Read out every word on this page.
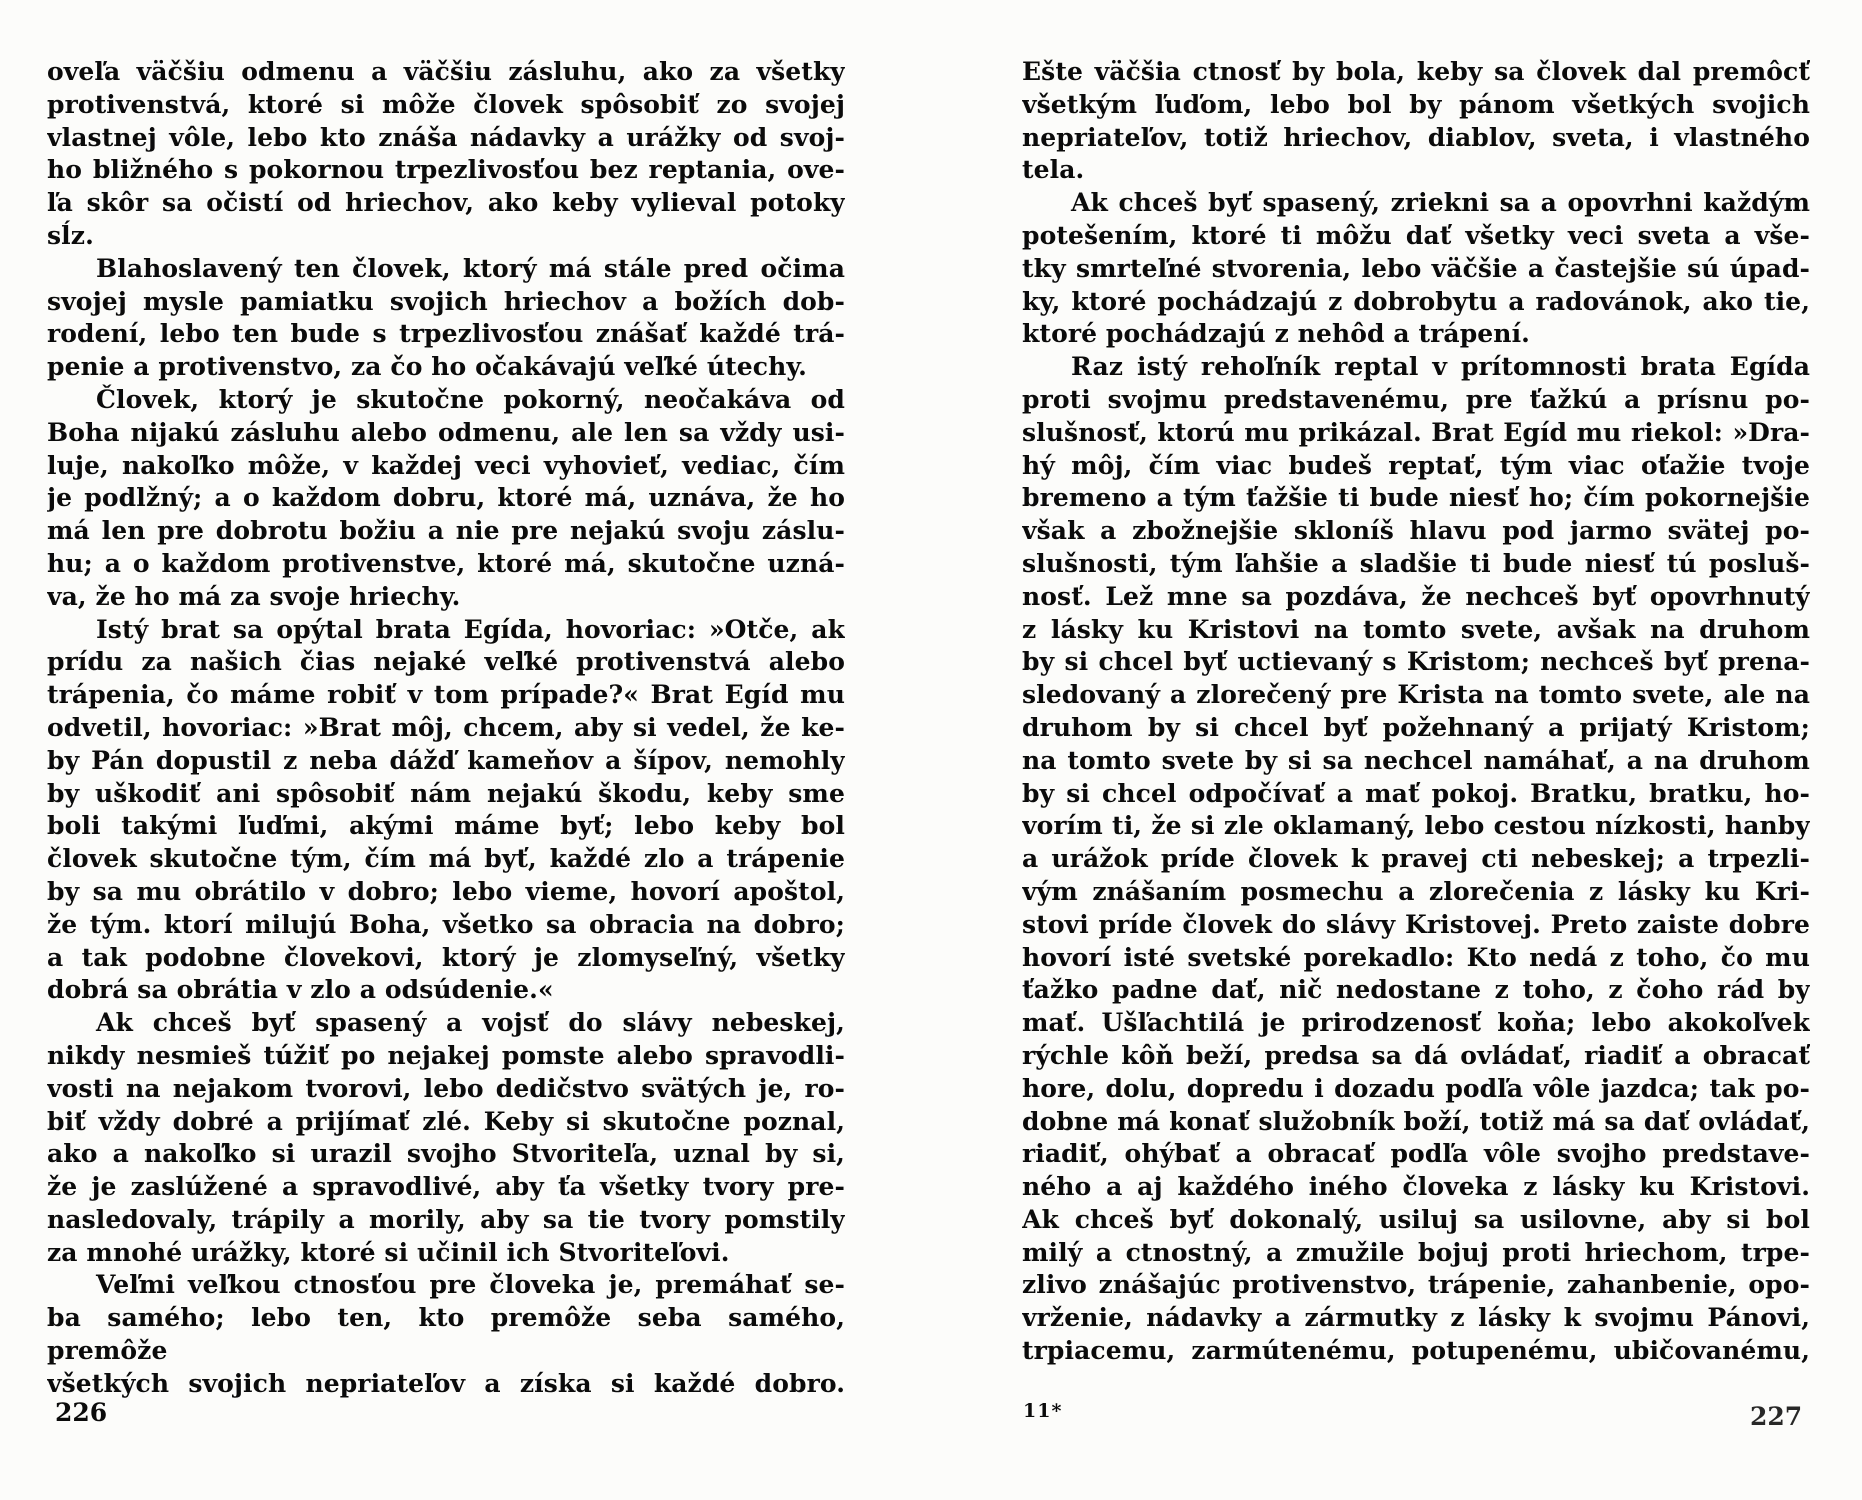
oveľa väčšiu odmenu a väčšiu zásluhu, ako za všetky
protivenstvá, ktoré si môže človek spôsobiť zo svojej
vlastnej vôle, lebo kto znáša nádavky a urážky od svoj-
ho bližného s pokornou trpezlivosťou bez reptania, ove-
ľa skôr sa očistí od hriechov, ako keby vylieval potoky
sĺz.
Blahoslavený ten človek, ktorý má stále pred očima
svojej mysle pamiatku svojich hriechov a božích dob-
rodení, lebo ten bude s trpezlivosťou znášať každé trá-
penie a protivenstvo, za čo ho očakávajú veľké útechy.
Človek, ktorý je skutočne pokorný, neočakáva od
Boha nijakú zásluhu alebo odmenu, ale len sa vždy usi-
luje, nakoľko môže, v každej veci vyhovieť, vediac, čím
je podlžný; a o každom dobru, ktoré má, uznáva, že ho
má len pre dobrotu božiu a nie pre nejakú svoju záslu-
hu; a o každom protivenstve, ktoré má, skutočne uzná-
va, že ho má za svoje hriechy.
Istý brat sa opýtal brata Egída, hovoriac: »Otče, ak
prídu za našich čias nejaké veľké protivenstvá alebo
trápenia, čo máme robiť v tom prípade?« Brat Egíd mu
odvetil, hovoriac: »Brat môj, chcem, aby si vedel, že ke-
by Pán dopustil z neba dážď kameňov a šípov, nemohly
by uškodiť ani spôsobiť nám nejakú škodu, keby sme
boli takými ľuďmi, akými máme byť; lebo keby bol
človek skutočne tým, čím má byť, každé zlo a trápenie
by sa mu obrátilo v dobro; lebo vieme, hovorí apoštol,
že tým. ktorí milujú Boha, všetko sa obracia na dobro;
a tak podobne človekovi, ktorý je zlomyseľný, všetky
dobrá sa obrátia v zlo a odsúdenie.«
Ak chceš byť spasený a vojsť do slávy nebeskej,
nikdy nesmieš túžiť po nejakej pomste alebo spravodli-
vosti na nejakom tvorovi, lebo dedičstvo svätých je, ro-
biť vždy dobré a prijímať zlé. Keby si skutočne poznal,
ako a nakoľko si urazil svojho Stvoriteľa, uznal by si,
že je zaslúžené a spravodlivé, aby ťa všetky tvory pre-
nasledovaly, trápily a morily, aby sa tie tvory pomstily
za mnohé urážky, ktoré si učinil ich Stvoriteľovi.
Veľmi veľkou ctnosťou pre človeka je, premáhať se-
ba samého; lebo ten, kto premôže seba samého, premôže
všetkých svojich nepriateľov a získa si každé dobro.
Ešte väčšia ctnosť by bola, keby sa človek dal premôcť
všetkým ľuďom, lebo bol by pánom všetkých svojich
nepriateľov, totiž hriechov, diablov, sveta, i vlastného
tela.
Ak chceš byť spasený, zriekni sa a opovrhni každým
potešením, ktoré ti môžu dať všetky veci sveta a vše-
tky smrteľné stvorenia, lebo väčšie a častejšie sú úpad-
ky, ktoré pochádzajú z dobrobytu a radovánok, ako tie,
ktoré pochádzajú z nehôd a trápení.
Raz istý rehoľník reptal v prítomnosti brata Egída
proti svojmu predstavenému, pre ťažkú a prísnu po-
slušnosť, ktorú mu prikázal. Brat Egíd mu riekol: »Dra-
hý môj, čím viac budeš reptať, tým viac oťažie tvoje
bremeno a tým ťažšie ti bude niesť ho; čím pokornejšie
však a zbožnejšie skloníš hlavu pod jarmo svätej po-
slušnosti, tým ľahšie a sladšie ti bude niesť tú posluš-
nosť. Lež mne sa pozdáva, že nechceš byť opovrhnutý
z lásky ku Kristovi na tomto svete, avšak na druhom
by si chcel byť uctievaný s Kristom; nechceš byť prena-
sledovaný a zlorečený pre Krista na tomto svete, ale na
druhom by si chcel byť požehnaný a prijatý Kristom;
na tomto svete by si sa nechcel namáhať, a na druhom
by si chcel odpočívať a mať pokoj. Bratku, bratku, ho-
vorím ti, že si zle oklamaný, lebo cestou nízkosti, hanby
a urážok príde človek k pravej cti nebeskej; a trpezli-
vým znášaním posmechu a zlorečenia z lásky ku Kri-
stovi príde človek do slávy Kristovej. Preto zaiste dobre
hovorí isté svetské porekadlo: Kto nedá z toho, čo mu
ťažko padne dať, nič nedostane z toho, z čoho rád by
mať. Ušľachtilá je prirodzenosť koňa; lebo akokoľvek
rýchle kôň beží, predsa sa dá ovládať, riadiť a obracať
hore, dolu, dopredu i dozadu podľa vôle jazdca; tak po-
dobne má konať služobník boží, totiž má sa dať ovládať,
riadiť, ohýbať a obracať podľa vôle svojho predstave-
ného a aj každého iného človeka z lásky ku Kristovi.
Ak chceš byť dokonalý, usiluj sa usilovne, aby si bol
milý a ctnostný, a zmužile bojuj proti hriechom, trpe-
zlivo znášajúc protivenstvo, trápenie, zahanbenie, opo-
vrženie, nádavky a zármutky z lásky k svojmu Pánovi,
trpiacemu, zarmútenému, potupenému, ubičovanému,
226	11*	227
